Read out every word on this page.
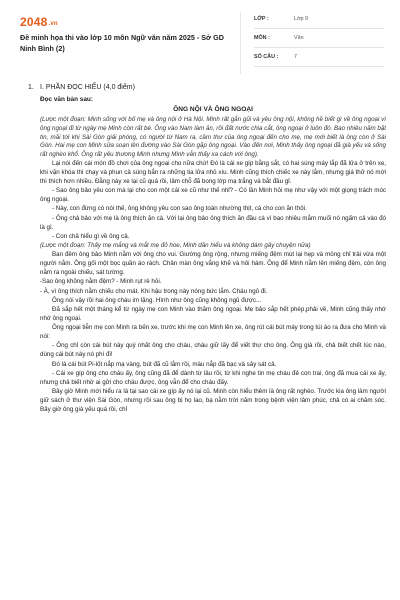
2048.vn
Đề minh họa thi vào lớp 10 môn Ngữ văn năm 2025 - Sở GD Ninh Bình (2)
LỚP :	Lớp 9
MÔN :	Văn
SỐ CÂU :	7
1. I. PHẦN ĐỌC HIỂU (4,0 điểm)
Đọc văn bản sau:
ÔNG NỘI VÀ ÔNG NGOẠI

(Lược một đoạn: Minh sống với bố mẹ và ông nội ở Hà Nội. Minh rất gắn gũi và yêu ông nội, không hề biết gì về ông ngoại vì ông ngoại đi từ ngày mẹ Minh còn rất bé. Ông vào Nam làm ăn, rồi đất nước chia cắt, ông ngoại ở luôn đó. Bao nhiêu năm bặt tin, mãi tới khi Sài Gòn giải phóng, có người từ Nam ra, cầm thư của ông ngoại đến cho mẹ, mẹ mới biết là ông còn ở Sài Gòn. Hai mẹ con Minh sửa soạn lên đường vào Sài Gòn gặp ông ngoại. Vào đến nơi, Minh thấy ông ngoại đã già yếu và sống rất nghèo khổ. Ông rất yêu thương Minh nhưng Minh vẫn thấy xa cách với ông).

Lại nói đến cái món đồ chơi của ông ngoại cho nữa chứ! Đó là cái xe gíp bằng sắt, có hai súng máy lắp đã lửa ở trên xe, khi vặn khóa thì chạy và phun cả súng bắn ra những tia lửa nhỏ xíu. Minh cũng thích chiếc xe này lắm, nhưng giá thử nó mới thì thích hơn nhiều. Đằng này xe lại cũ quá rồi, lâm chỗ đã bong lớp mạ trắng và bắt đầu gỉ.

- Sao ông bảo yêu con mà lại cho con một cái xe cũ như thế nhỉ? - Có lần Minh hỏi mẹ như vậy với một giọng trách móc ông ngoại.

- Này, con đừng có nói thế, ông không yêu con sao ông toàn nhường thịt, cá cho con ăn thôi.

- Ông chả bảo với mẹ là ông thích ăn cà. Với lại ông bảo ông thích ăn đầu cá vì bao nhiêu mắm muối nó ngấm cả vào đó là gì.

- Con chả hiểu gì về ông cả.

(Lược một đoạn: Thấy mẹ mắng và mắt mẹ đỏ hoe, Minh dần hiểu và không dám gây chuyện nữa)

Ban đêm ông bảo Minh nằm với ông cho vui. Giường ông rộng, nhưng miếng đệm mút lại hẹp và mỏng chỉ trải vừa một người nằm. Ông gối một bọc quần áo rách. Chân màn ông vắng khẽ và hôi hám. Ông để Minh nằm lên miếng đệm, còn ông nằm ra ngoài chiếu, sát tường.

-Sao ông không nằm đệm? - Minh rụt rè hỏi.

- À, vì ông thích nằm chiếu cho mát. Khi hậu trong này nóng bức lắm. Cháu ngủ đi.

Ông nói vậy rồi hai ông cháu im lặng. Hình như ông cũng không ngủ được...

Đã sắp hết một tháng kể từ ngày mẹ con Minh vào thăm ông ngoại. Mẹ bảo sắp hết phép,phải về, Minh cũng thấy nhớ nhớ ông ngoại.

Ông ngoại tiễn mẹ con Minh ra bến xe, trước khi mẹ con Minh lên xe, ông rút cái bút máy trong túi áo ra đưa cho Minh và nói:

- Ông chỉ còn cái bút này quý nhất ông cho cháu, cháu giữ lấy để viết thư cho ông. Ông già rồi, chả biết chết lúc nào, dùng cái bút này nó phí đi!

Đó là cái bút Pi-lốt nắp mạ vàng, bút đã cũ lắm rồi, màu nắp đã bạc và sây sát cả.

- Cái xe gíp ông cho cháu ấy, ông cũng đã để dành từ lâu rồi, từ khi nghe tin mẹ cháu đẻ con trai, ông đã mua cái xe ấy, nhưng chả biết nhờ ai gửi cho cháu được, ông vẫn để cho cháu đấy.

Bây giờ Minh mới hiểu ra là tại sao cái xe gíp ấy nó lại cũ. Minh còn hiểu thêm là ông rất nghèo. Trước kia ông làm người giữ sách ở thư viện Sài Gòn, nhưng rồi sau ông bị họ lao, bạ nằm trời năm trong bệnh viện lâm phúc, chả có ai chăm sóc. Bây giờ ông già yếu quá rồi, chỉ
